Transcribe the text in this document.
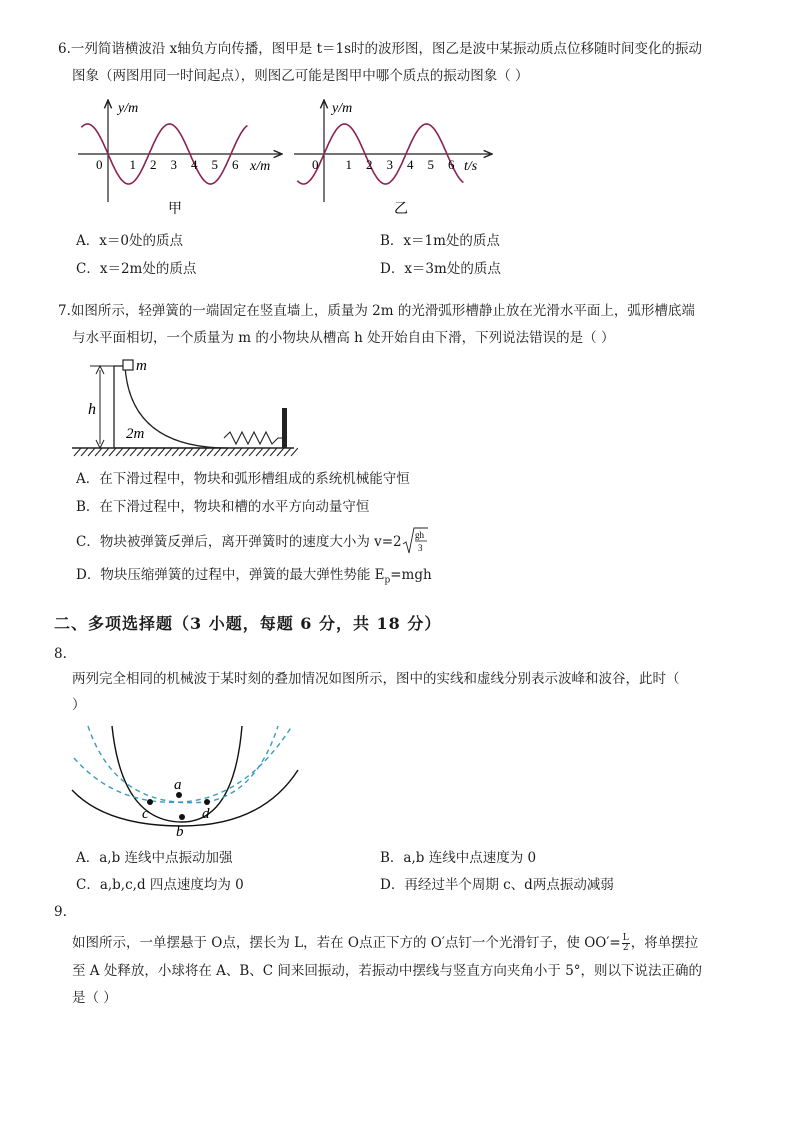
6.一列简谐横波沿 x轴负方向传播，图甲是 t＝1s时的波形图，图乙是波中某振动质点位移随时间变化的振动
图象（两图用同一时间起点），则图乙可能是图甲中哪个质点的振动图象（ ）
y/m
x/m
0 1 2 3 4 5 6
甲
y/m
t/s
0 1 2 3 4 5 6
乙
A．x＝0处的质点	B．x＝1m处的质点
C．x＝2m处的质点	D．x＝3m处的质点
7.如图所示，轻弹簧的一端固定在竖直墙上，质量为 2m 的光滑弧形槽静止放在光滑水平面上，弧形槽底端
与水平面相切，一个质量为 m 的小物块从槽高 h 处开始自由下滑，下列说法错误的是（ ）
m
h
2m
A．在下滑过程中，物块和弧形槽组成的系统机械能守恒
B．在下滑过程中，物块和槽的水平方向动量守恒
C．物块被弹簧反弹后，离开弹簧时的速度大小为 v=2 gh
3
D．物块压缩弹簧的过程中，弹簧的最大弹性势能 $E_p=mgh$
二、多项选择题（3 小题，每题 6 分，共 18 分）
8.
两列完全相同的机械波于某时刻的叠加情况如图所示，图中的实线和虚线分别表示波峰和波谷，此时（
）
a
b
c	d
A．a,b 连线中点振动加强	B．a,b 连线中点速度为 0
C．a,b,c,d 四点速度均为 0	D．再经过半个周期 c、d两点振动减弱
9.
如图所示，一单摆悬于 O点，摆长为 L，若在 O点正下方的 O′点钉一个光滑钉子，使 $OO'= \frac{L}{2}$ ，将单摆拉
至 A 处释放，小球将在 A、B、C 间来回振动，若振动中摆线与竖直方向夹角小于 5°，则以下说法正确的
是（ ）
